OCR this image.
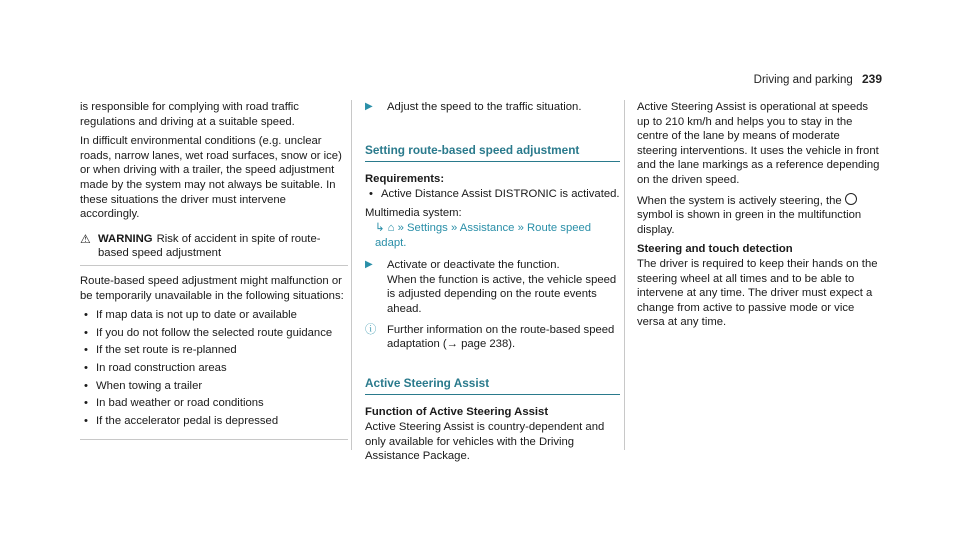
Driving and parking 239

is responsible for complying with road traffic regulations and driving at a suitable speed.

In difficult environmental conditions (e.g. unclear roads, narrow lanes, wet road surfaces, snow or ice) or when driving with a trailer, the speed adjustment made by the system may not always be suitable. In these situations the driver must intervene accordingly.

⚠ WARNING Risk of accident in spite of route-based speed adjustment

Route-based speed adjustment might malfunction or be temporarily unavailable in the following situations:

• If map data is not up to date or available
• If you do not follow the selected route guidance
• If the set route is re-planned
• In road construction areas
• When towing a trailer
• In bad weather or road conditions
• If the accelerator pedal is depressed
▶	Adjust the speed to the traffic situation.
Setting route-based speed adjustment

Requirements:

• Active Distance Assist DISTRONIC is activated.

Multimedia system:

↳ ⌂ » Settings » Assistance » Route speed adapt.

▶	Activate or deactivate the function.
When the function is active, the vehicle speed is adjusted depending on the route events ahead.
ⓘ Further information on the route-based speed adaptation (→ page 238).
Active Steering Assist

Function of Active Steering Assist

Active Steering Assist is country-dependent and only available for vehicles with the Driving Assistance Package.

Active Steering Assist is operational at speeds up to 210 km/h and helps you to stay in the centre of the lane by means of moderate steering interventions. It uses the vehicle in front and the lane markings as a reference depending on the driven speed.

When the system is actively steering, the  symbol is shown in green in the multifunction display.

Steering and touch detection

The driver is required to keep their hands on the steering wheel at all times and to be able to intervene at any time. The driver must expect a change from active to passive mode or vice versa at any time.
